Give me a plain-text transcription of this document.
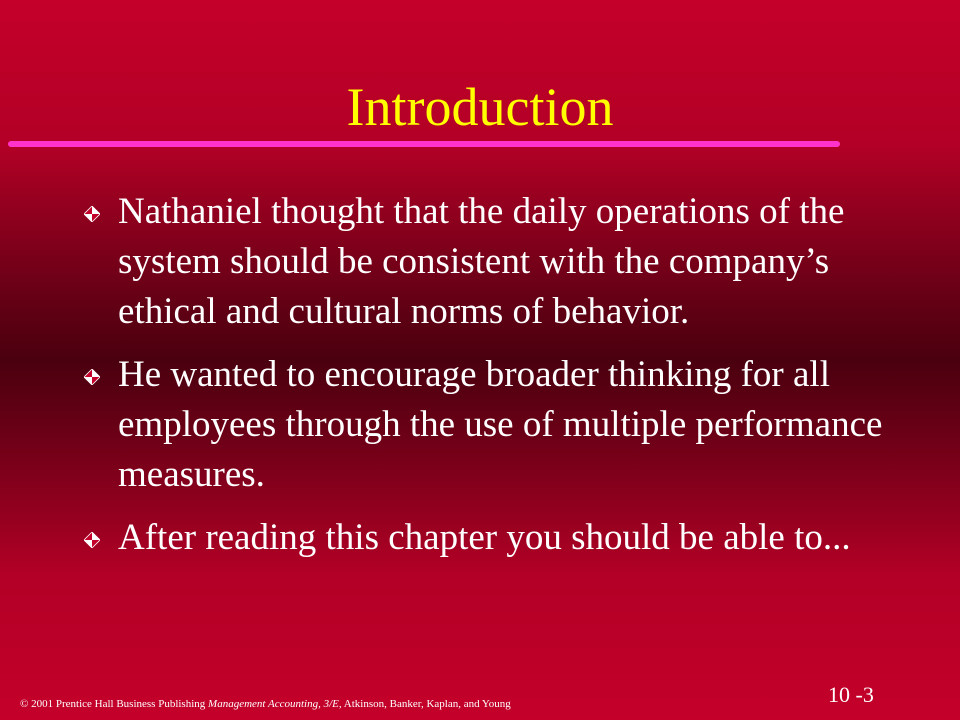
Introduction
Nathaniel thought that the daily operations of the system should be consistent with the company’s ethical and cultural norms of behavior.
He wanted to encourage broader thinking for all employees through the use of multiple performance measures.
After reading this chapter you should be able to...
© 2001 Prentice Hall Business Publishing Management Accounting, 3/E, Atkinson, Banker, Kaplan, and Young	10 -3
